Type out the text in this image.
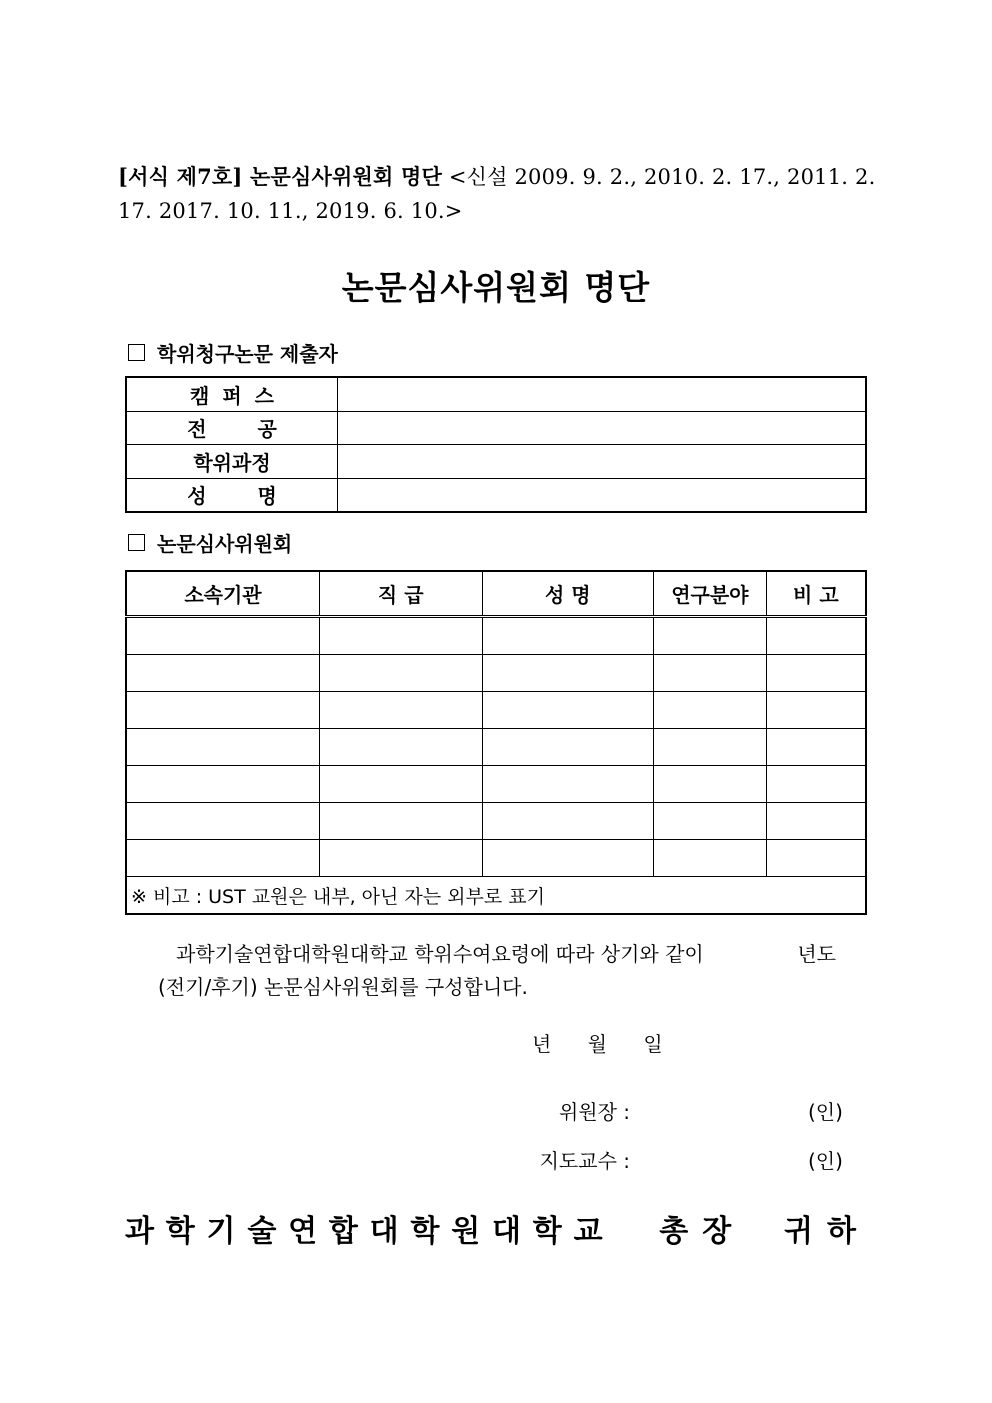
[서식 제7호] 논문심사위원회 명단 <신설 2009. 9. 2., 2010. 2. 17., 2011. 2.
17. 2017. 10. 11., 2019. 6. 10.>
논문심사위원회 명단
학위청구논문 제출자
캠 퍼 스	
전 공	
학위과정	
성 명	
논문심사위원회
소속기관	직 급	성 명	연구분야	비 고

※ 비고 : UST 교원은 내부, 아닌 자는 외부로 표기				
과학기술연합대학원대학교 학위수여요령에 따라 상기와 같이	년도
(전기/후기) 논문심사위원회를 구성합니다.
년 월 일
위원장 :	(인)
지도교수 :	(인)
과학기술연합대학원대학교 총장 귀하
